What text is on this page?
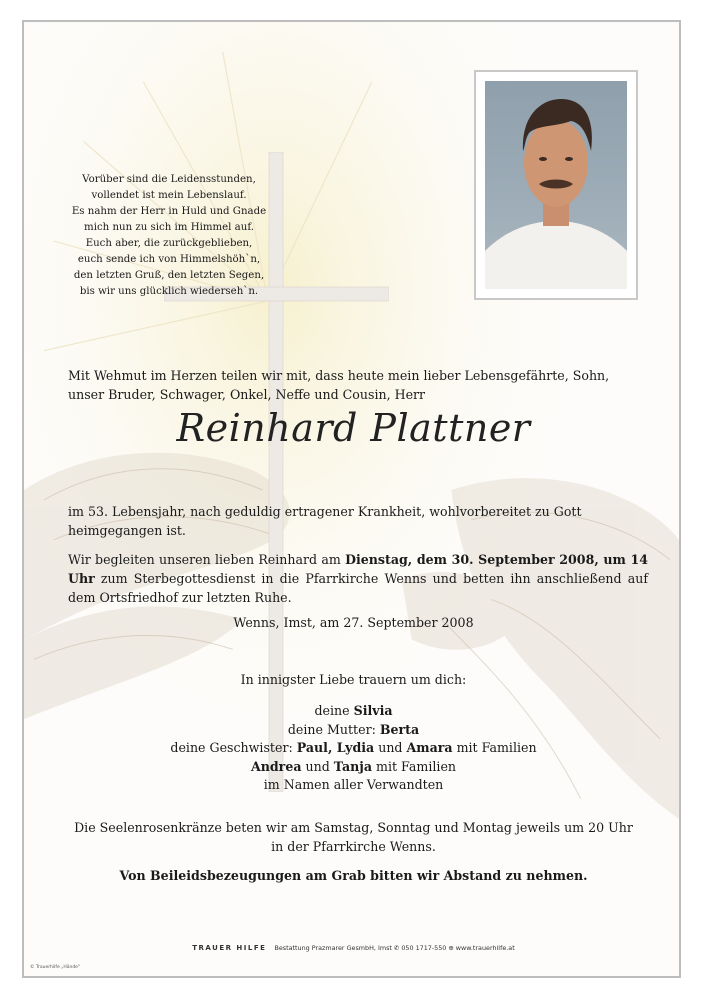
Vorüber sind die Leidensstunden,
vollendet ist mein Lebenslauf.
Es nahm der Herr in Huld und Gnade
mich nun zu sich im Himmel auf.
Euch aber, die zurückgeblieben,
euch sende ich von Himmelshöh`n,
den letzten Gruß, den letzten Segen,
bis wir uns glücklich wiederseh`n.
Mit Wehmut im Herzen teilen wir mit, dass heute mein lieber Lebensgefährte, Sohn, unser Bruder, Schwager, Onkel, Neffe und Cousin, Herr
Reinhard Plattner
im 53. Lebensjahr, nach geduldig ertragener Krankheit, wohlvorbereitet zu Gott heimgegangen ist.
Wir begleiten unseren lieben Reinhard am Dienstag, dem 30. September 2008, um 14 Uhr zum Sterbegottesdienst in die Pfarrkirche Wenns und betten ihn anschließend auf dem Ortsfriedhof zur letzten Ruhe.
Wenns, Imst, am 27. September 2008
In innigster Liebe trauern um dich:
deine Silvia
deine Mutter: Berta
deine Geschwister: Paul, Lydia und Amara mit Familien
Andrea und Tanja mit Familien
im Namen aller Verwandten
Die Seelenrosenkränze beten wir am Samstag, Sonntag und Montag jeweils um 20 Uhr
in der Pfarrkirche Wenns.
Von Beileidsbezeugungen am Grab bitten wir Abstand zu nehmen.
TRAUER HILFE Bestattung Prazmarer GesmbH, Imst ✆ 050 1717-550 ⊕ www.trauerhilfe.at
© Trauerhilfe „Hände“
